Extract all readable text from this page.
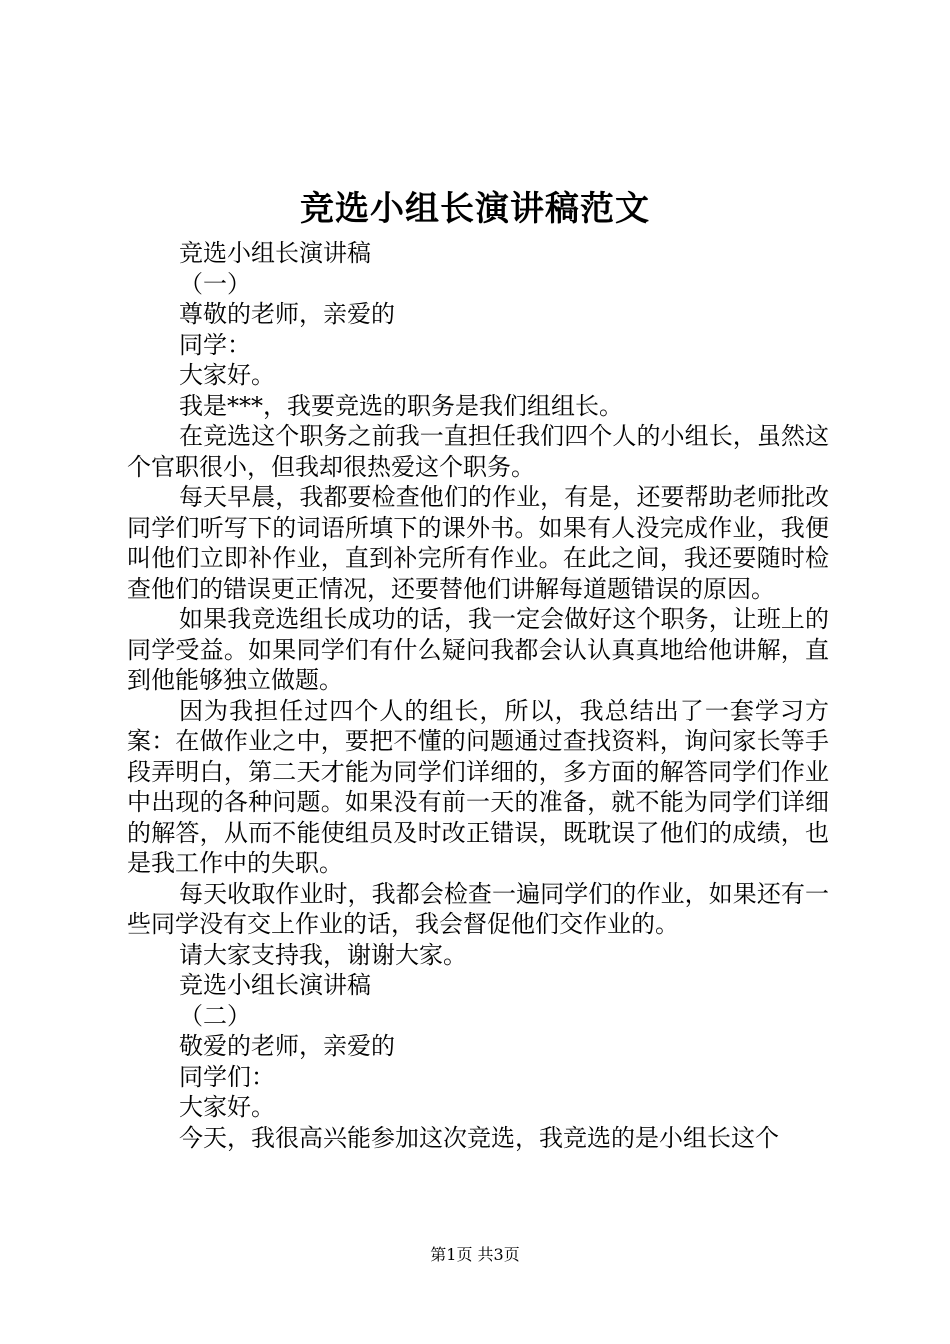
竞选小组长演讲稿范文

竞选小组长演讲稿

（一）

尊敬的老师，亲爱的

同学：

大家好。

我是***，我要竞选的职务是我们组组长。

在竞选这个职务之前我一直担任我们四个人的小组长，虽然这个官职很小，但我却很热爱这个职务。

每天早晨，我都要检查他们的作业，有是，还要帮助老师批改同学们听写下的词语所填下的课外书。如果有人没完成作业，我便叫他们立即补作业，直到补完所有作业。在此之间，我还要随时检查他们的错误更正情况，还要替他们讲解每道题错误的原因。

如果我竞选组长成功的话，我一定会做好这个职务，让班上的同学受益。如果同学们有什么疑问我都会认认真真地给他讲解，直到他能够独立做题。

因为我担任过四个人的组长，所以，我总结出了一套学习方案：在做作业之中，要把不懂的问题通过查找资料，询问家长等手段弄明白，第二天才能为同学们详细的，多方面的解答同学们作业中出现的各种问题。如果没有前一天的准备，就不能为同学们详细的解答，从而不能使组员及时改正错误，既耽误了他们的成绩，也是我工作中的失职。

每天收取作业时，我都会检查一遍同学们的作业，如果还有一些同学没有交上作业的话，我会督促他们交作业的。

请大家支持我，谢谢大家。

竞选小组长演讲稿

（二）

敬爱的老师，亲爱的

同学们：

大家好。

今天，我很高兴能参加这次竞选，我竞选的是小组长这个

第1页 共3页
